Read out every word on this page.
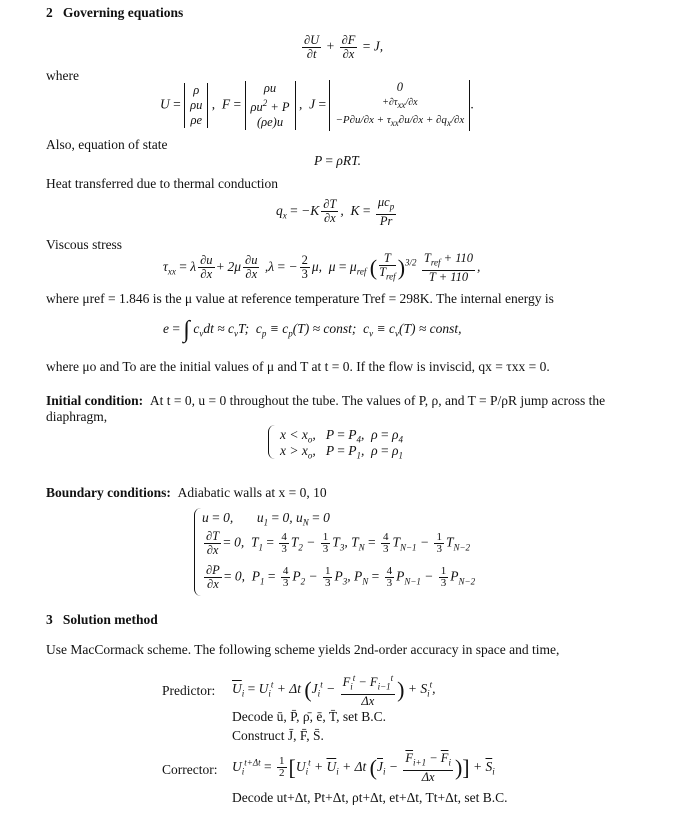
2 Governing equations
$\frac{\partial U}{\partial t} + \frac{\partial F}{\partial x} = J$,
where
U =
ρ
ρu
ρe
,  F =
ρu
$\rho u^2 + P$
(ρe)u
,  J =
0
$+\partial\tau_{xx}/\partial x$
$-P\partial u/\partial x + \tau_{xx}\partial u/\partial x + \partial q_x/\partial x$
.
Also, equation of state
P = ρRT.
Heat transferred due to thermal conduction
$q_x = -K \frac{\partial T}{\partial x}$ ,  $K = \frac{\mu c_p}{Pr}$
Viscous stress
$\tau_{xx} = \lambda \frac{\partial u}{\partial x} + 2\mu \frac{\partial u}{\partial x} ,\lambda$ = − $\frac{2}{3} \mu$,  $\mu = \mu_{ref}$ ( $\frac{T}{T_{ref}} )^{3/2} \frac{T_{ref} + 110}{T + 110}$ ,
where μref = 1.846 is the μ value at reference temperature Tref = 298K. The internal energy is
e = ∫ $c_vdt \approx c_vT$;  $c_p \equiv c_p(T)$ ≈ const;  $c_v \equiv c_v(T)$ ≈ const,
where μo and To are the initial values of μ and T at t = 0. If the flow is inviscid, qx = τxx = 0.
Initial condition: At t = 0, u = 0 throughout the tube. The values of P, ρ, and T = P/ρR jump across the
diaphragm,
$x < x_o$,   $P = P_4$,  $\rho = \rho_4$
$x > x_o$,   $P = P_1$,  $\rho = \rho_1$
Boundary conditions: Adiabatic walls at x = 0, 10
u = 0,       $u_1 = 0$, $u_N = 0$
$\frac{\partial T}{\partial x} = 0$,  $T_1 = \frac{4}{3} T_2 - \frac{1}{3} T_3$, $T_N = \frac{4}{3} T_{N-1} - \frac{1}{3} T_{N-2}$
$\frac{\partial P}{\partial x} = 0$,  $P_1 = \frac{4}{3} P_2 - \frac{1}{3} P_3$, $P_N = \frac{4}{3} P_{N-1} - \frac{1}{3} P_{N-2}$
3 Solution method
Use MacCormack scheme. The following scheme yields 2nd-order accuracy in space and time,
Predictor: $\overline{U}_i = U_i^t + \Delta t$ ($J_i^t - \frac{F_i^t - F_{i-1}^t}{\Delta x}$ ) + $S_i^t$,
Decode ū, P̄, ρ̄, ē, T̄, set B.C.
Construct J̄, F̄, S̄.
Corrector: $U_i^{t+\Delta t} = \frac{1}{2} [U_i^t + \overline{U}_i + \Delta t$ ($\overline{J}_i - \frac{\overline{F}_{i+1} - \overline{F}_i}{\Delta x}$ )] + $\overline{S}_i$
Decode ut+Δt, Pt+Δt, ρt+Δt, et+Δt, Tt+Δt, set B.C.
